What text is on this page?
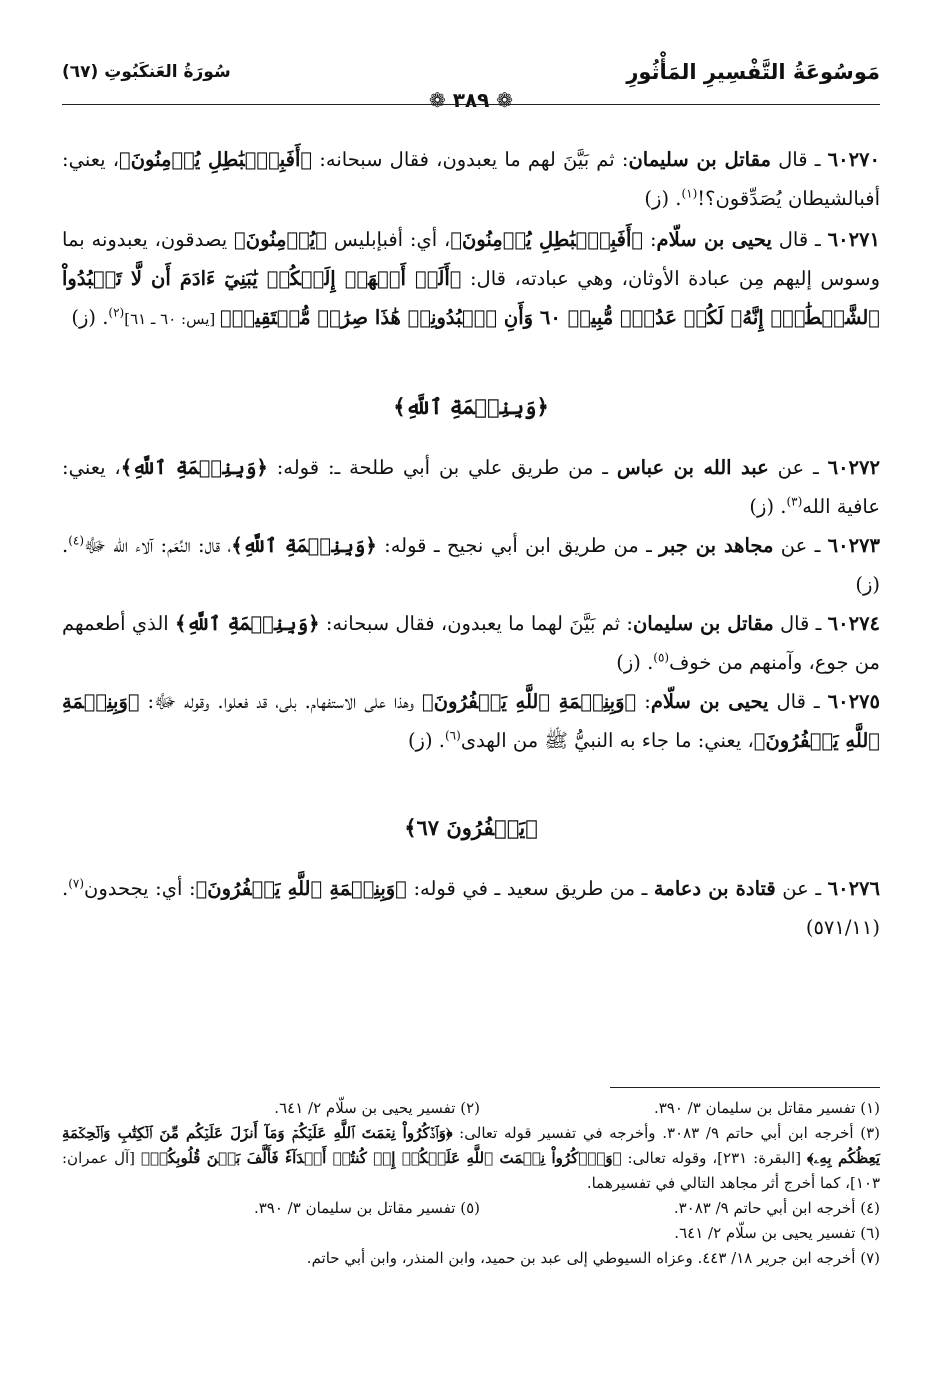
مَوسُوعَةُ التَّفْسِيرِ المَأْثُورِ
❁ ٣٨٩ ❁
سُورَةُ العَنكَبُوتِ (٦٧)

٦٠٢٧٠ ـ قال مقاتل بن سليمان: ثم بَيَّنَ لهم ما يعبدون، فقال سبحانه: ﴿أَفَبِٱلۡبَٰطِلِ يُؤۡمِنُونَ﴾، يعني: أفبالشيطان يُصَدِّقون؟!$^{(١)}$. (ز)

٦٠٢٧١ ـ قال يحيى بن سلّام: ﴿أَفَبِٱلۡبَٰطِلِ يُؤۡمِنُونَ﴾، أي: أفبإبليس ﴿يُؤۡمِنُونَ﴾ يصدقون، يعبدونه بما وسوس إليهم مِن عبادة الأوثان، وهي عبادته، قال: ﴿أَلَمۡ أَعۡهَدۡ إِلَيۡكُمۡ يَٰبَنِيٓ ءَادَمَ أَن لَّا تَعۡبُدُواْ ٱلشَّيۡطَٰنَۖ إِنَّهُۥ لَكُمۡ عَدُوّٞ مُّبِينٞ ٦٠ وَأَنِ ٱعۡبُدُونِيۚ هَٰذَا صِرَٰطٞ مُّسۡتَقِيمٞ﴾ [يس: ٦٠ ـ ٦١]$^{(٢)}$. (ز)

﴿وَبِنِعۡمَةِ ٱللَّهِ﴾

٦٠٢٧٢ ـ عن عبد الله بن عباس ـ من طريق علي بن أبي طلحة ـ: قوله: ﴿وَبِنِعۡمَةِ ٱللَّهِ﴾، يعني: عافية الله$^{(٣)}$. (ز)

٦٠٢٧٣ ـ عن مجاهد بن جبر ـ من طريق ابن أبي نجيح ـ قوله: ﴿وَبِنِعۡمَةِ ٱللَّهِ﴾، قال: النِّعَم: آلاء الله ﷻ$^{(٤)}$. (ز)

٦٠٢٧٤ ـ قال مقاتل بن سليمان: ثم بَيَّنَ لهما ما يعبدون، فقال سبحانه: ﴿وَبِنِعۡمَةِ ٱللَّهِ﴾ الذي أطعمهم من جوع، وآمنهم من خوف$^{(٥)}$. (ز)

٦٠٢٧٥ ـ قال يحيى بن سلّام: ﴿وَبِنِعۡمَةِ ٱللَّهِ يَكۡفُرُونَ﴾ وهذا على الاستفهام. بلى، قد فعلوا. وقوله ﷻ: ﴿وَبِنِعۡمَةِ ٱللَّهِ يَكۡفُرُونَ﴾، يعني: ما جاء به النبيُّ ﷺ من الهدى$^{(٦)}$. (ز)

﴿يَكۡفُرُونَ ٦٧﴾

٦٠٢٧٦ ـ عن قتادة بن دعامة ـ من طريق سعيد ـ في قوله: ﴿وَبِنِعۡمَةِ ٱللَّهِ يَكۡفُرُونَ﴾: أي: يجحدون$^{(٧)}$. (٥٧١/١١)

(١) تفسير مقاتل بن سليمان ٣/ ٣٩٠.(٢) تفسير يحيى بن سلّام ٢/ ٦٤١.
(٣) أخرجه ابن أبي حاتم ٩/ ٣٠٨٣. وأخرجه في تفسير قوله تعالى: ﴿وَٱذۡكُرُواْ نِعۡمَتَ ٱللَّهِ عَلَيۡكُمۡ وَمَآ أَنزَلَ عَلَيۡكُم مِّنَ ٱلۡكِتَٰبِ وَٱلۡحِكۡمَةِ يَعِظُكُم بِهِۦ﴾ [البقرة: ٢٣١]، وقوله تعالى: ﴿وَٱذۡكُرُواْ نِعۡمَتَ ٱللَّهِ عَلَيۡكُمۡ إِذۡ كُنتُمۡ أَعۡدَآءٗ فَأَلَّفَ بَيۡنَ قُلُوبِكُمۡ﴾ [آل عمران: ١٠٣]، كما أخرج أثر مجاهد التالي في تفسيرهما.
(٤) أخرجه ابن أبي حاتم ٩/ ٣٠٨٣.(٥) تفسير مقاتل بن سليمان ٣/ ٣٩٠.
(٦) تفسير يحيى بن سلّام ٢/ ٦٤١.
(٧) أخرجه ابن جرير ١٨/ ٤٤٣. وعزاه السيوطي إلى عبد بن حميد، وابن المنذر، وابن أبي حاتم.
